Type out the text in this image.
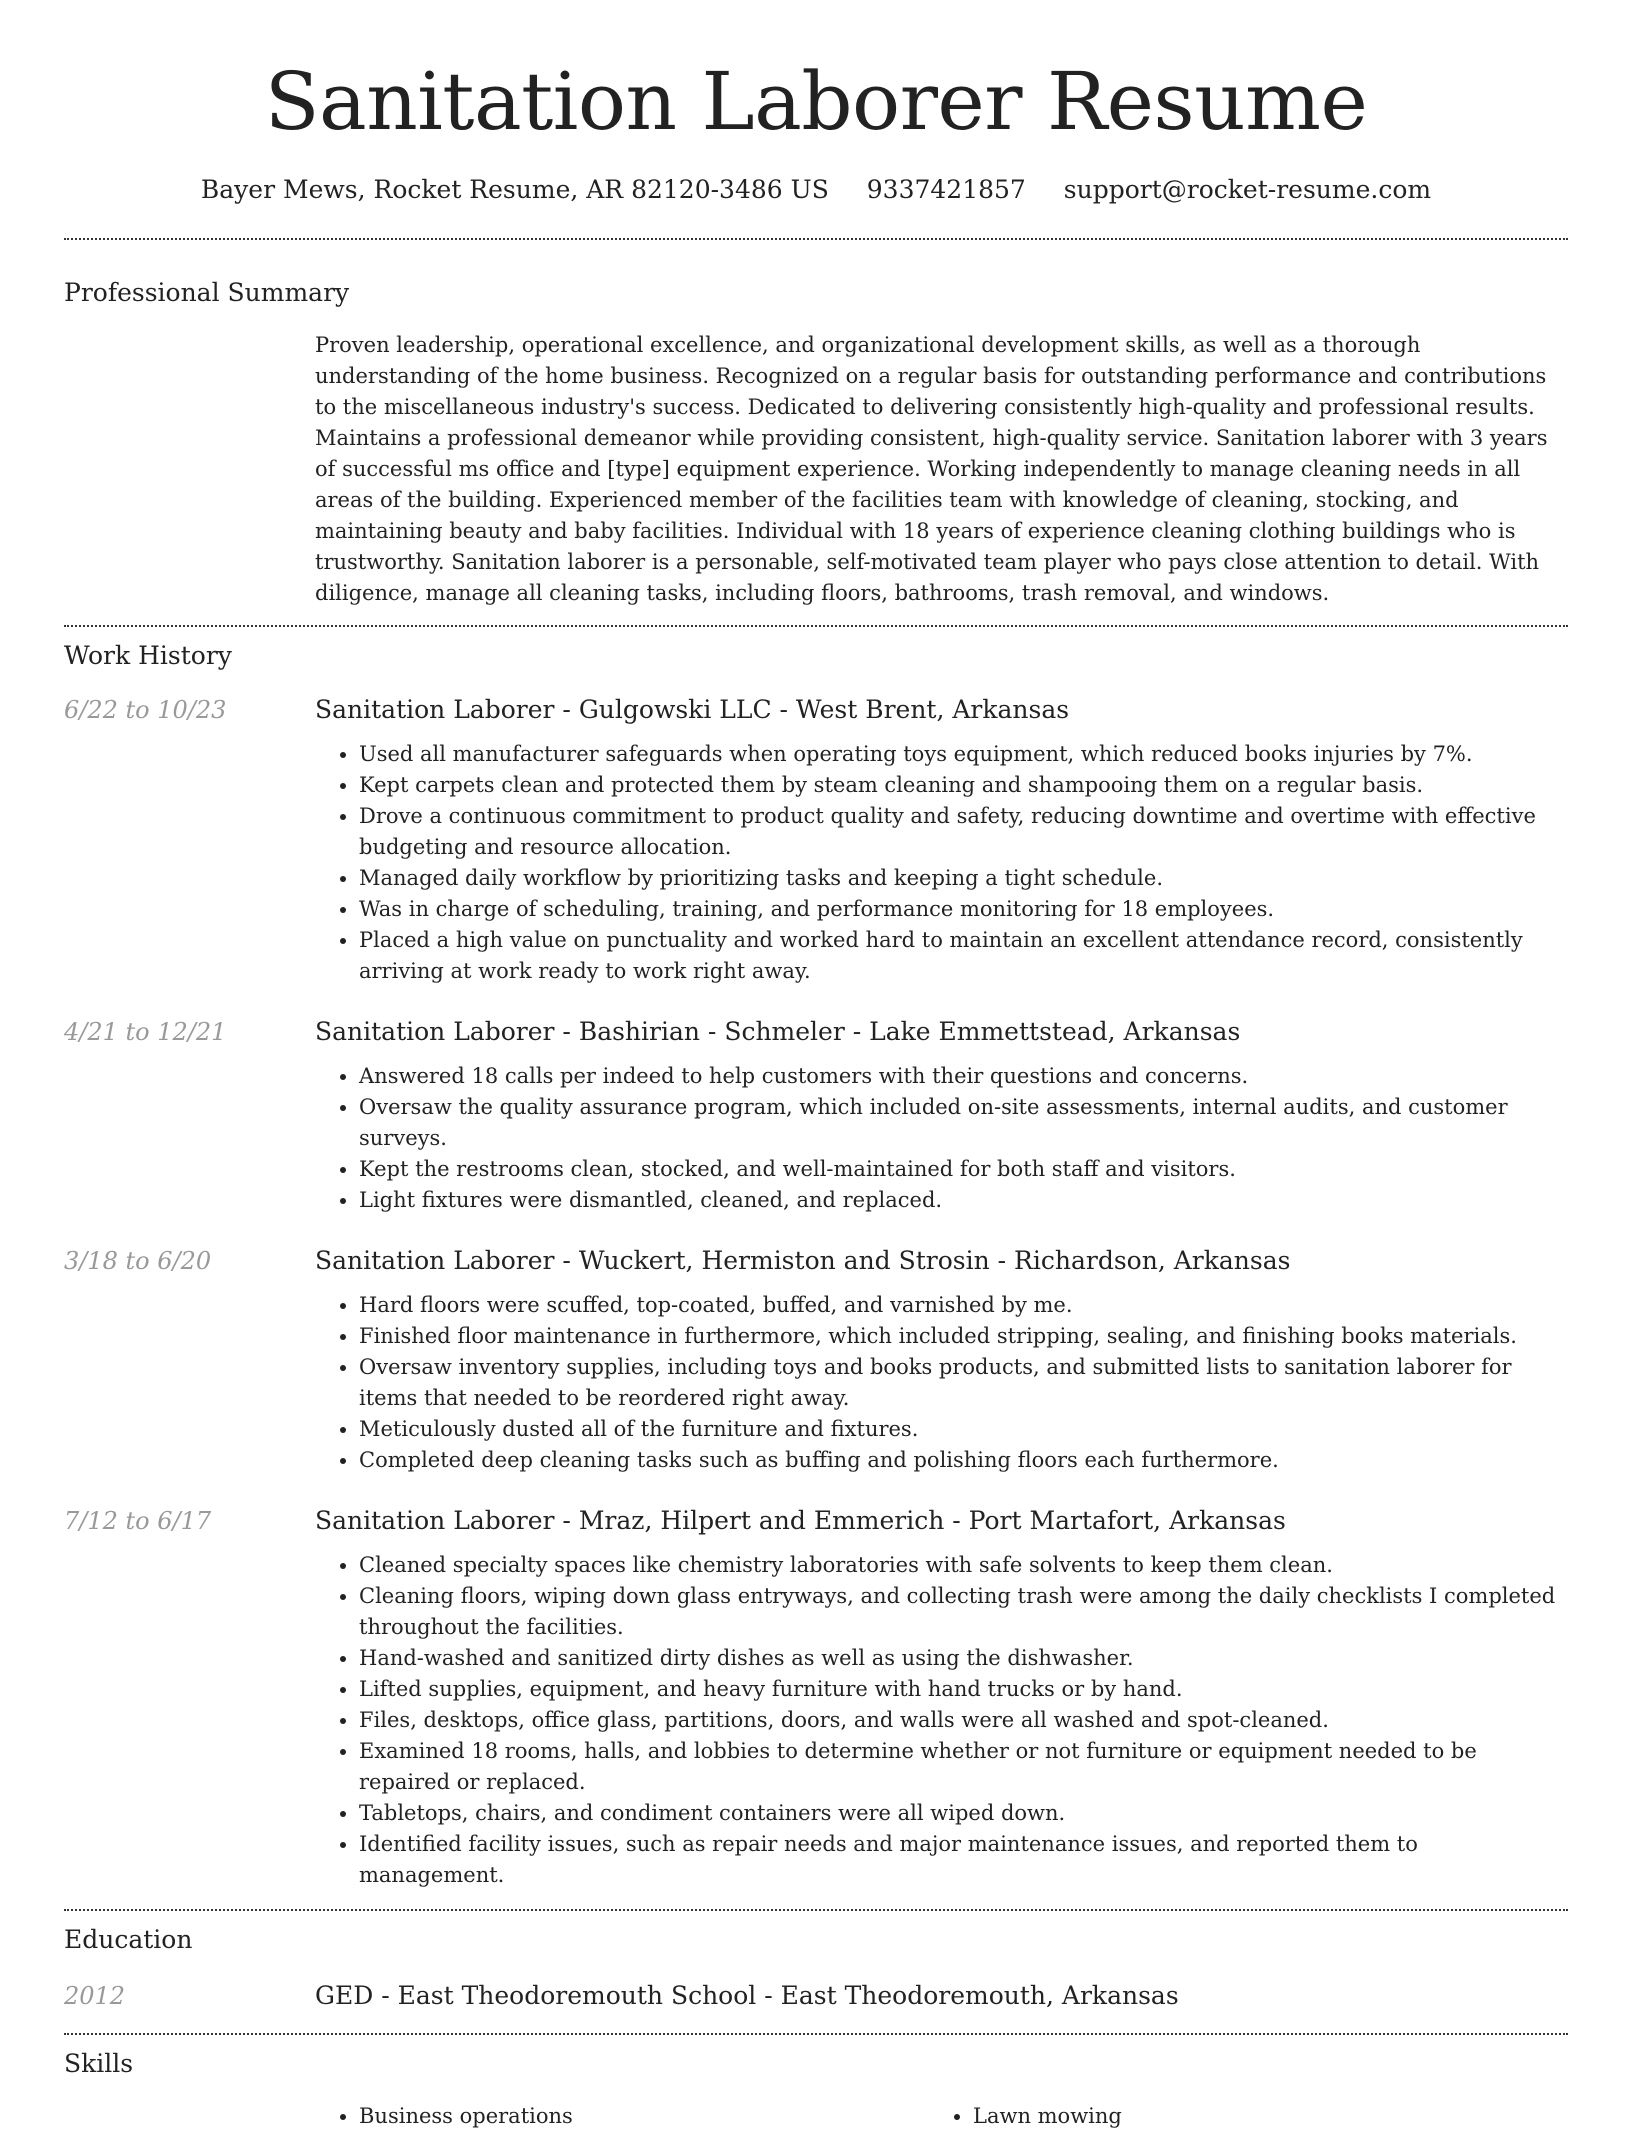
Sanitation Laborer Resume
Bayer Mews, Rocket Resume, AR 82120-3486 US 9337421857 support@rocket-resume.com
Professional Summary

Proven leadership, operational excellence, and organizational development skills, as well as a thorough understanding of the home business. Recognized on a regular basis for outstanding performance and contributions to the miscellaneous industry's success. Dedicated to delivering consistently high-quality and professional results. Maintains a professional demeanor while providing consistent, high-quality service. Sanitation laborer with 3 years of successful ms office and [type] equipment experience. Working independently to manage cleaning needs in all areas of the building. Experienced member of the facilities team with knowledge of cleaning, stocking, and maintaining beauty and baby facilities. Individual with 18 years of experience cleaning clothing buildings who is trustworthy. Sanitation laborer is a personable, self-motivated team player who pays close attention to detail. With diligence, manage all cleaning tasks, including floors, bathrooms, trash removal, and windows.

Work History
6/22 to 10/23	Sanitation Laborer - Gulgowski LLC - West Brent, Arkansas
• Used all manufacturer safeguards when operating toys equipment, which reduced books injuries by 7%.
• Kept carpets clean and protected them by steam cleaning and shampooing them on a regular basis.
• Drove a continuous commitment to product quality and safety, reducing downtime and overtime with effective budgeting and resource allocation.
• Managed daily workflow by prioritizing tasks and keeping a tight schedule.
• Was in charge of scheduling, training, and performance monitoring for 18 employees.
• Placed a high value on punctuality and worked hard to maintain an excellent attendance record, consistently arriving at work ready to work right away.
4/21 to 12/21	Sanitation Laborer - Bashirian - Schmeler - Lake Emmettstead, Arkansas
• Answered 18 calls per indeed to help customers with their questions and concerns.
• Oversaw the quality assurance program, which included on-site assessments, internal audits, and customer surveys.
• Kept the restrooms clean, stocked, and well-maintained for both staff and visitors.
• Light fixtures were dismantled, cleaned, and replaced.
3/18 to 6/20	Sanitation Laborer - Wuckert, Hermiston and Strosin - Richardson, Arkansas
• Hard floors were scuffed, top-coated, buffed, and varnished by me.
• Finished floor maintenance in furthermore, which included stripping, sealing, and finishing books materials.
• Oversaw inventory supplies, including toys and books products, and submitted lists to sanitation laborer for items that needed to be reordered right away.
• Meticulously dusted all of the furniture and fixtures.
• Completed deep cleaning tasks such as buffing and polishing floors each furthermore.
7/12 to 6/17	Sanitation Laborer - Mraz, Hilpert and Emmerich - Port Martafort, Arkansas
• Cleaned specialty spaces like chemistry laboratories with safe solvents to keep them clean.
• Cleaning floors, wiping down glass entryways, and collecting trash were among the daily checklists I completed throughout the facilities.
• Hand-washed and sanitized dirty dishes as well as using the dishwasher.
• Lifted supplies, equipment, and heavy furniture with hand trucks or by hand.
• Files, desktops, office glass, partitions, doors, and walls were all washed and spot-cleaned.
• Examined 18 rooms, halls, and lobbies to determine whether or not furniture or equipment needed to be repaired or replaced.
• Tabletops, chairs, and condiment containers were all wiped down.
• Identified facility issues, such as repair needs and major maintenance issues, and reported them to management.
Education
2012	GED - East Theodoremouth School - East Theodoremouth, Arkansas
Skills
• Business operations
•	Lawn mowing
